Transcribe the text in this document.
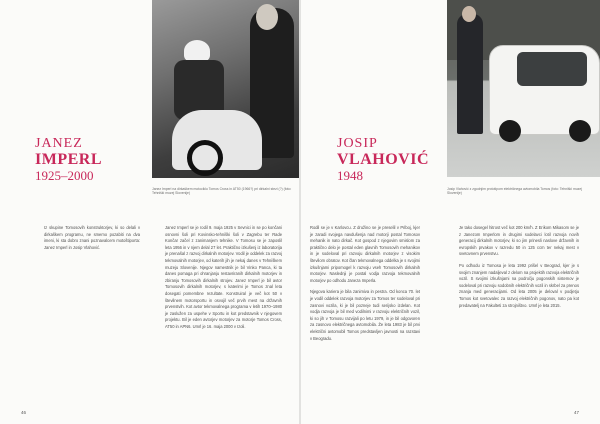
JANEZ
IMPERL
1925–2000
JOSIP
VLAHOVIĆ
1948
Janez Imperl na dirkaškem motociklu Tomos Cross in AT50 (1966?) pri dirkalni stezi (?) (foto: Tehniški muzej Slovenije)
Josip Vlahović z zgodnjim prototipom električnega avtomobila Tomos (foto: Tehniški muzej Slovenije)

Iz skupine Tomosovih konstruktorjev, ki so delali v dirkaškem programu, ne smemo pozabiti na dva imeni, ki sta dobro znani poznavalcem motoštiporta: Janez Imperl in Josip Vlahović.

Janez Imperl se je rodil 9. maja 1925 v Sevnici in se po končani osnovni šoli pri Kovinsko-tehniški šoli v Zagrebu ter Rade Končar začel z zanimanjem tehnike. V Tomosu se je zaposlil leta 1956 in v njem delal 27 let. Praktično izkušenj iz laboratorija je prenašal z razvoj dirkalnih motorjev. Vodil je oddelek za razvoj tekmovalnih motorjev, od katerih jih je nekaj danes v Tehniškem muzeju Slovenije. Njegov namestnik je bil Vinko Panca, ki ta danes pomaga pri ohranjanju restavriranih dirkalnih motorjev in zbiranju Tomosovih dirkalnih strojev. Janez Imperl je bil avtor Tomosovih dirkalnih motorjev, s katerimi je Tomos znal leta dosegati pomembne rezultate. Konstruiral je več kot 50 v številnem motorsportu in osvojil več prvih mest na državnih prvenstvih. Kot avtor tekmovalnega programa v letih 1970–1980 je zaslužen za uspehe v Sportu in kot predstavnik v njegovem projektu. Bil je eden avtorjev motorjev za motorje Tomos Cross, AT50 in APN6. Umrl je 16. maja 2000 v Izoli.

Rodil se je v Karlovcu. Z družino se je preselil v Priboj, kjer je zaradi svojega navdušenja nad motorji postal Tomosov mehanik in nato dirkač. Kot gospod z njegovim smislom za praktično delo je postal eden glavnih Tomosovih mehanikov in je sodeloval pri razvoju dirkalnih motorjev z visokim številom obratov. Kot član tekmovalnega oddelka je s svojimi izkušnjami pripomogel k razvoju vseh Tomosovih dirkalnih motorjev. Naslednji je postal vodja razvoja tekmovalnih motorjev po odhodu Janeza Imperla.

Njegova kariera je bila zanimiva in pestra. Od konca 70. let je vodil oddelek razvoja motorjev za Tomos ter sodeloval pri zasnovi vozila, ki je bil pozneje tudi serijsko izdelan. Kot vodja razvoja je bil med vodilnimi v razvoju električnih vozil, ki so jih v Tomosu razvijali po letu 1979, in je bil odgovoren za zasnovo električnega avtomobila. Že leta 1983 je bil prvi električni avtomobil Tomos predstavljen javnosti na razstavi v Beogradu.

Je tako dosegel hitrost več kot 200 km/h. Z Erikom Mikasom se je z Janezom Imperlom in drugimi sodelavci lotil razvoja novih generacij dirkalnih motorjev, ki so jim prinesli naslove državnih in evropskih prvakov v razredu 50 in 125 ccm ter nekaj mest v svetovnem prvenstvu.

Po odhodu iz Tomosa je leta 1992 prišel v Beograd, kjer je s svojim znanjem nadaljeval z delom na projektih razvoja električnih vozil. S svojimi izkušnjami na področju pogonskih sistemov je sodeloval pri razvoju sodobnih električnih vozil in skrbel za prenos znanja med generacijami. Od leta 2005 je deloval v podjetju Tomos kot svetovalec za razvoj električnih pogonov, nato pa kot predavatelj na Fakulteti za strojništvo. Umrl je leta 2015.

46	47
